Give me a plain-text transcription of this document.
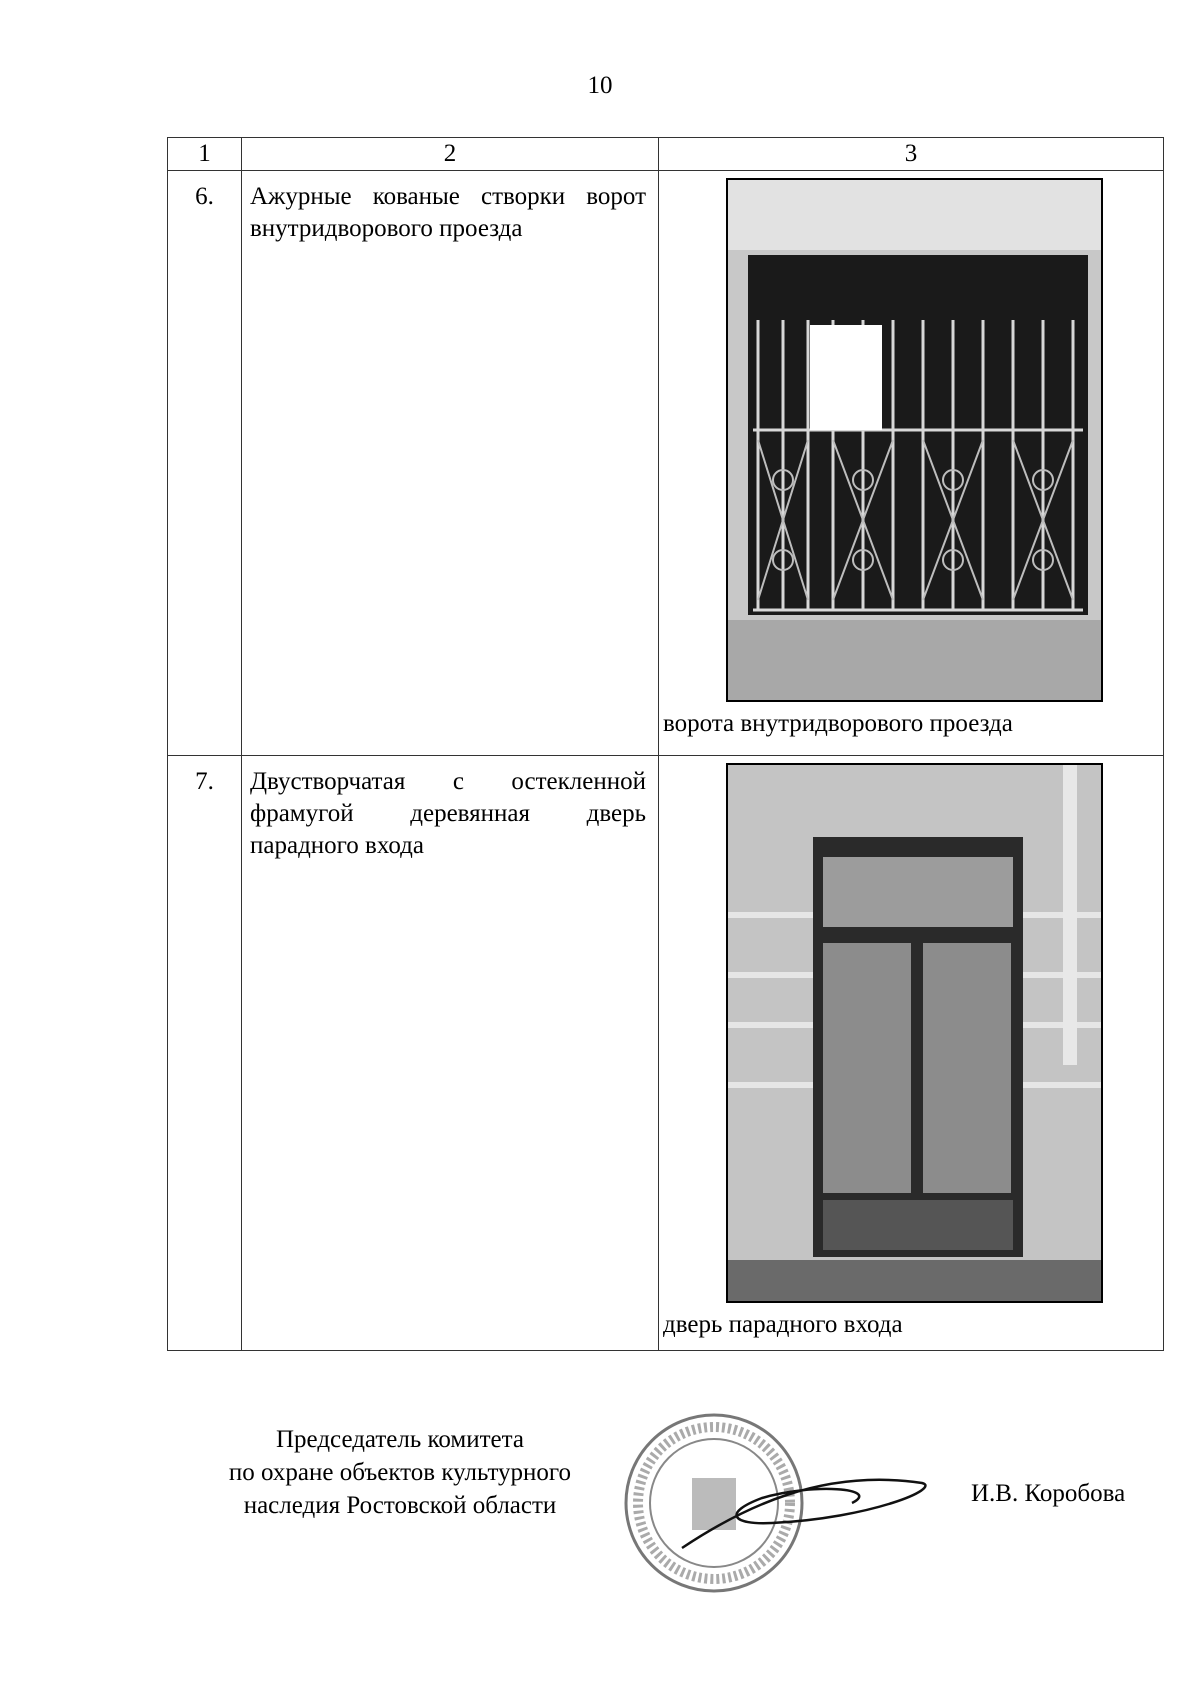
10
1	2	3
6.	Ажурные кованые створки ворот внутридворового проезда	ворота внутридворового проезда

7.	Двустворчатая с остекленной фрамугой деревянная дверь парадного входа	дверь парадного входа
Председатель комитета
по охране объектов культурного
наследия Ростовской области	И.В. Коробова
